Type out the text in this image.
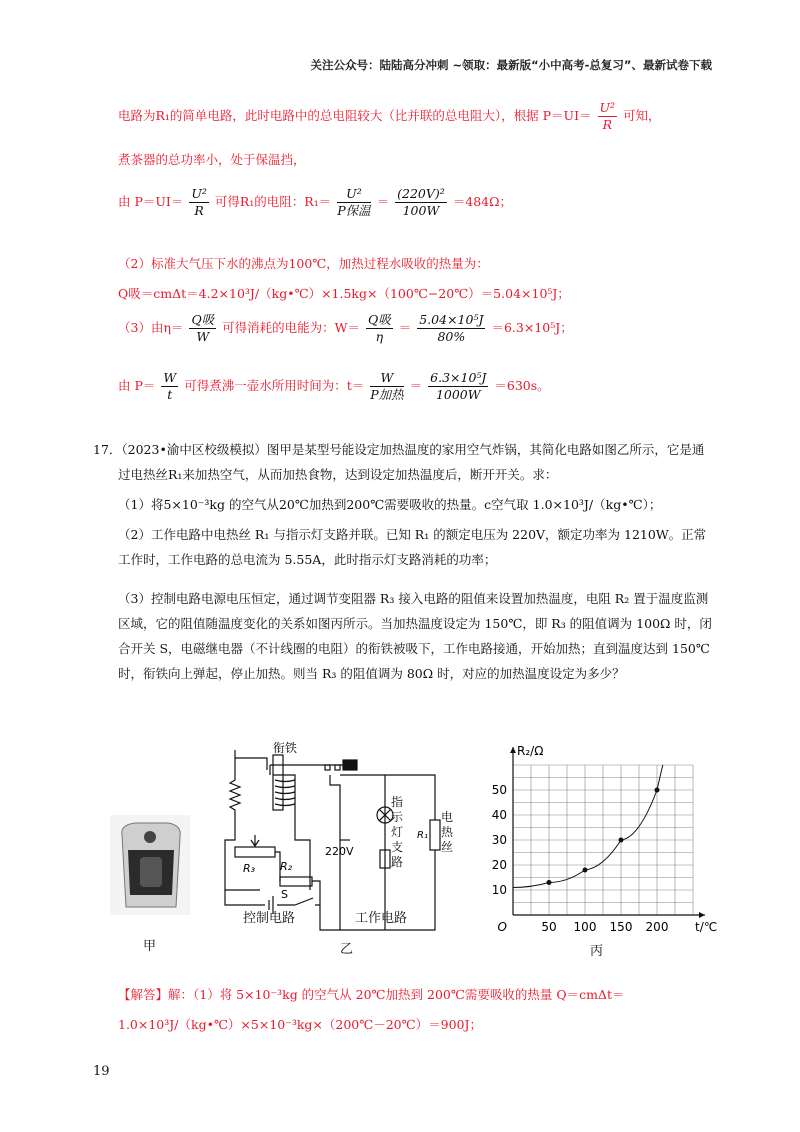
关注公众号：陆陆高分冲刺 ~领取：最新版“小中高考-总复习”、最新试卷下载
电路为R₁的简单电路，此时电路中的总电阻较大（比并联的总电阻大），根据 $P=UI= \frac{\text{U²}}{R}$ 可知，
煮茶器的总功率小，处于保温挡，
由 $P=UI= \frac{\text{U²}}{R}$ 可得R₁的电阻：$R_1= \frac{\text{U²}}{\text{P保温}} = \frac{\text{(220V)²}}{100W} =484\Omega$；
（2）标准大气压下水的沸点为100℃，加热过程水吸收的热量为：
Q吸＝cmΔt＝4.2×10³J/（kg•℃）×1.5kg×（100℃−20℃）＝5.04×10⁵J；
（3）由$\eta= \frac{\text{Q吸}}{W}$ 可得消耗的电能为：$W= \frac{\text{Q吸}}{\eta} = \frac{\text{5.04×10⁵J}}{80\%} =6.3\times 10^5J$；
由 $P= \frac{W}{t}$ 可得煮沸一壶水所用时间为：$t= \frac{W}{\text{P加热}} = \frac{\text{6.3×10⁵J}}{1000W} =630s$。
17．（2023•渝中区校级模拟）图甲是某型号能设定加热温度的家用空气炸锅，其简化电路如图乙所示，它是通过电热丝R₁来加热空气，从而加热食物，达到设定加热温度后，断开开关。求：
（1）将5×10⁻³kg 的空气从20℃加热到200℃需要吸收的热量。c空气取 1.0×10³J/（kg•℃）；
（2）工作电路中电热丝 R₁ 与指示灯支路并联。已知 R₁ 的额定电压为 220V，额定功率为 1210W。正常工作时，工作电路的总电流为 5.55A，此时指示灯支路消耗的功率；
（3）控制电路电源电压恒定，通过调节变阻器 R₃ 接入电路的阻值来设置加热温度，电阻 R₂ 置于温度监测区域，它的阻值随温度变化的关系如图丙所示。当加热温度设定为 150℃，即 R₃ 的阻值调为 100Ω 时，闭合开关 S，电磁继电器（不计线圈的电阻）的衔铁被吸下，工作电路接通，开始加热；直到温度达到 150℃时，衔铁向上弹起，停止加热。则当 R₃ 的阻值调为 80Ω 时，对应的加热温度设定为多少？
甲
衔铁
R₂
R₃
S
220V
R₁
指示灯支路
电热丝
控制电路	工作电路
乙
50 100 150 200
10
20
30
40
50
O
R₂/Ω
t/℃
丙
【解答】解：（1）将 5×10⁻³kg 的空气从 20℃加热到 200℃需要吸收的热量 Q＝cmΔt＝
1.0×10³J/（kg•℃）×5×10⁻³kg×（200℃－20℃）＝900J；
19
